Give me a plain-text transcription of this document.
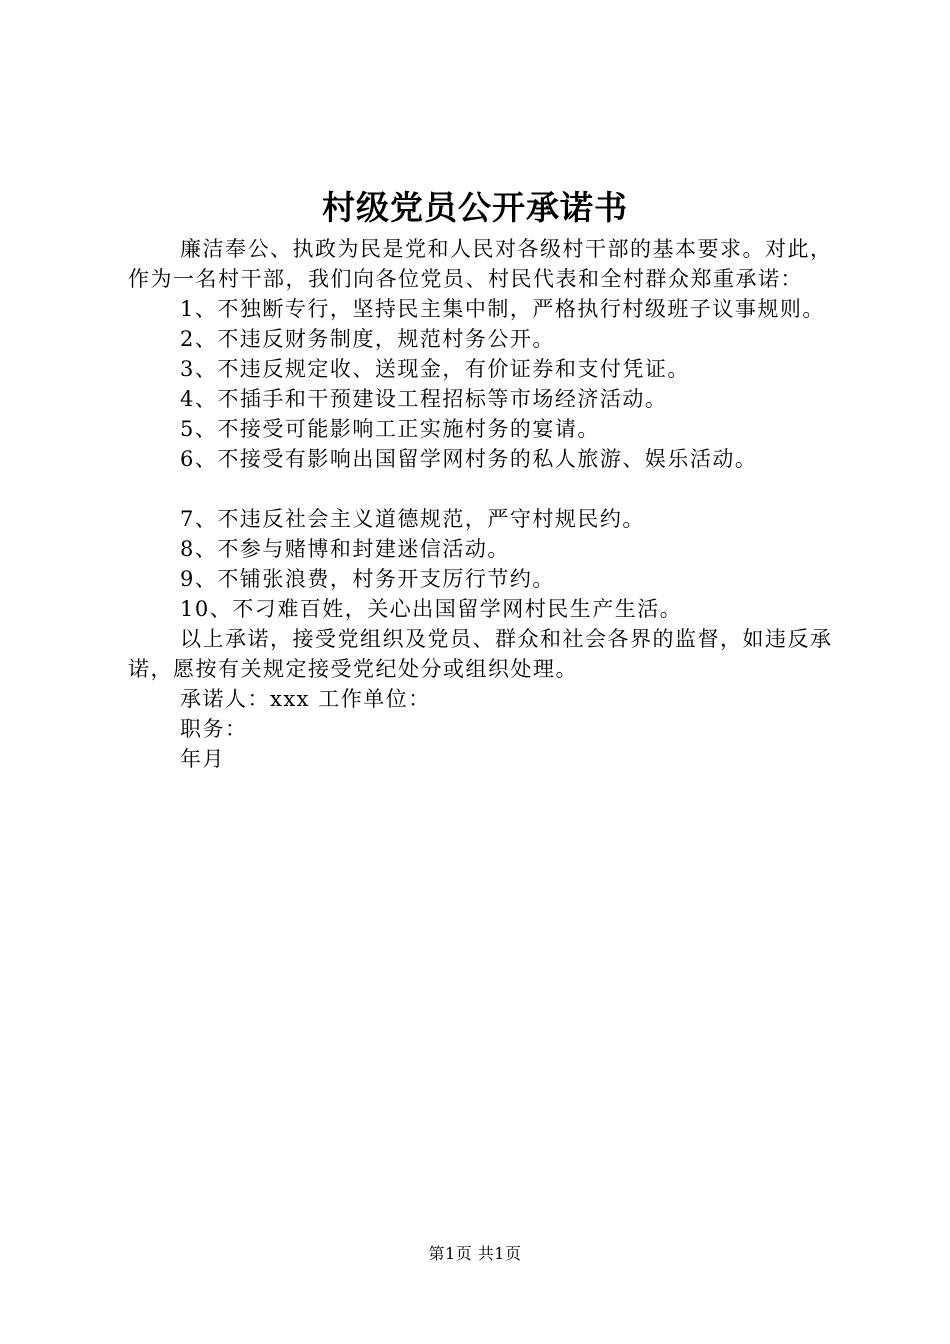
村级党员公开承诺书

廉洁奉公、执政为民是党和人民对各级村干部的基本要求。对此，作为一名村干部，我们向各位党员、村民代表和全村群众郑重承诺：

1、不独断专行，坚持民主集中制，严格执行村级班子议事规则。

2、不违反财务制度，规范村务公开。

3、不违反规定收、送现金，有价证券和支付凭证。

4、不插手和干预建设工程招标等市场经济活动。

5、不接受可能影响工正实施村务的宴请。

6、不接受有影响出国留学网村务的私人旅游、娱乐活动。

7、不违反社会主义道德规范，严守村规民约。

8、不参与赌博和封建迷信活动。

9、不铺张浪费，村务开支厉行节约。

10、不刁难百姓，关心出国留学网村民生产生活。

以上承诺，接受党组织及党员、群众和社会各界的监督，如违反承诺，愿按有关规定接受党纪处分或组织处理。

承诺人：xxx 工作单位：

职务：

年月

第1页 共1页
